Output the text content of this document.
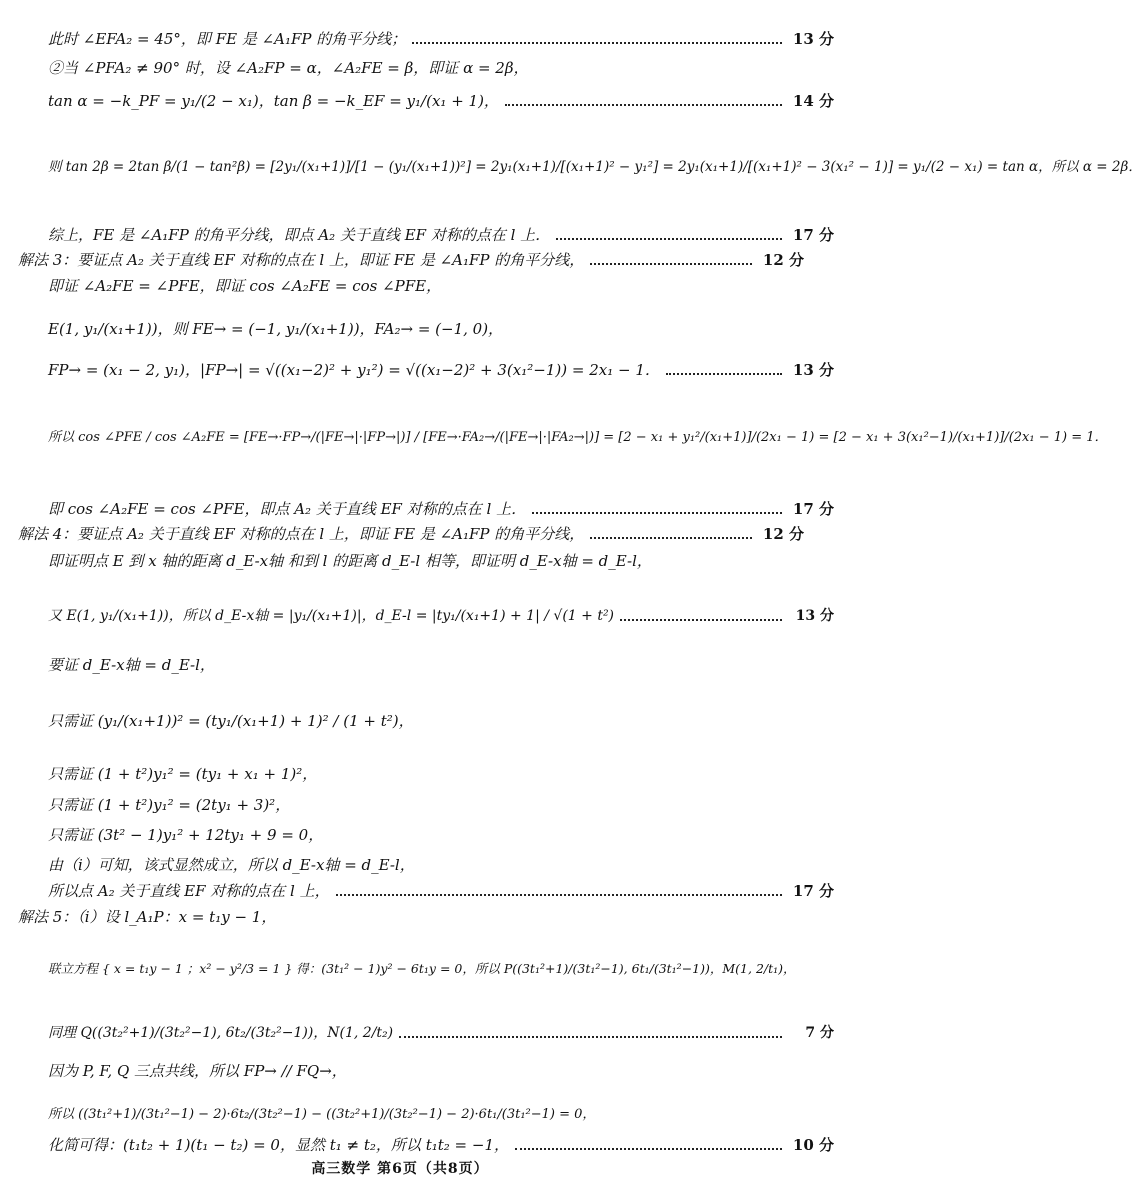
此时 ∠EFA₂ = 45°，即 FE 是 ∠A₁FP 的角平分线；	13 分
②当 ∠PFA₂ ≠ 90° 时，设 ∠A₂FP = α，∠A₂FE = β，即证 α = 2β，
tan α = −k_PF = y₁/(2 − x₁)，tan β = −k_EF = y₁/(x₁ + 1)，	14 分
则 tan 2β = 2tan β/(1 − tan²β) = [2y₁/(x₁+1)]/[1 − (y₁/(x₁+1))²] = 2y₁(x₁+1)/[(x₁+1)² − y₁²] = 2y₁(x₁+1)/[(x₁+1)² − 3(x₁² − 1)] = y₁/(2 − x₁) = tan α，所以 α = 2β．
综上，FE 是 ∠A₁FP 的角平分线，即点 A₂ 关于直线 EF 对称的点在 l 上．	17 分
解法 3：要证点 A₂ 关于直线 EF 对称的点在 l 上，即证 FE 是 ∠A₁FP 的角平分线，	12 分
即证 ∠A₂FE = ∠PFE，即证 cos ∠A₂FE = cos ∠PFE，
E(1, y₁/(x₁+1))，则 FE→ = (−1, y₁/(x₁+1))，FA₂→ = (−1, 0)，
FP→ = (x₁ − 2, y₁)，|FP→| = √((x₁−2)² + y₁²) = √((x₁−2)² + 3(x₁²−1)) = 2x₁ − 1．	13 分
所以 cos ∠PFE / cos ∠A₂FE = [FE→·FP→/(|FE→|·|FP→|)] / [FE→·FA₂→/(|FE→|·|FA₂→|)] = [2 − x₁ + y₁²/(x₁+1)]/(2x₁ − 1) = [2 − x₁ + 3(x₁²−1)/(x₁+1)]/(2x₁ − 1) = 1．
即 cos ∠A₂FE = cos ∠PFE，即点 A₂ 关于直线 EF 对称的点在 l 上．	17 分
解法 4：要证点 A₂ 关于直线 EF 对称的点在 l 上，即证 FE 是 ∠A₁FP 的角平分线，	12 分
即证明点 E 到 x 轴的距离 d_E-x轴 和到 l 的距离 d_E-l 相等，即证明 d_E-x轴 = d_E-l，
又 E(1, y₁/(x₁+1))，所以 d_E-x轴 = |y₁/(x₁+1)|，d_E-l = |ty₁/(x₁+1) + 1| / √(1 + t²)	13 分
要证 d_E-x轴 = d_E-l，
只需证 (y₁/(x₁+1))² = (ty₁/(x₁+1) + 1)² / (1 + t²)，
只需证 (1 + t²)y₁² = (ty₁ + x₁ + 1)²，
只需证 (1 + t²)y₁² = (2ty₁ + 3)²，
只需证 (3t² − 1)y₁² + 12ty₁ + 9 = 0，
由（i）可知，该式显然成立，所以 d_E-x轴 = d_E-l，
所以点 A₂ 关于直线 EF 对称的点在 l 上，	17 分
解法 5：（i）设 l_A₁P：x = t₁y − 1，
联立方程 { x = t₁y − 1 ；x² − y²/3 = 1 } 得：(3t₁² − 1)y² − 6t₁y = 0，所以 P((3t₁²+1)/(3t₁²−1), 6t₁/(3t₁²−1))，M(1, 2/t₁)，
同理 Q((3t₂²+1)/(3t₂²−1), 6t₂/(3t₂²−1))，N(1, 2/t₂)	7 分
因为 P, F, Q 三点共线，所以 FP→ // FQ→，
所以 ((3t₁²+1)/(3t₁²−1) − 2)·6t₂/(3t₂²−1) − ((3t₂²+1)/(3t₂²−1) − 2)·6t₁/(3t₁²−1) = 0，
化简可得：(t₁t₂ + 1)(t₁ − t₂) = 0，显然 t₁ ≠ t₂，所以 t₁t₂ = −1，	10 分
高三数学 第6页（共8页）
